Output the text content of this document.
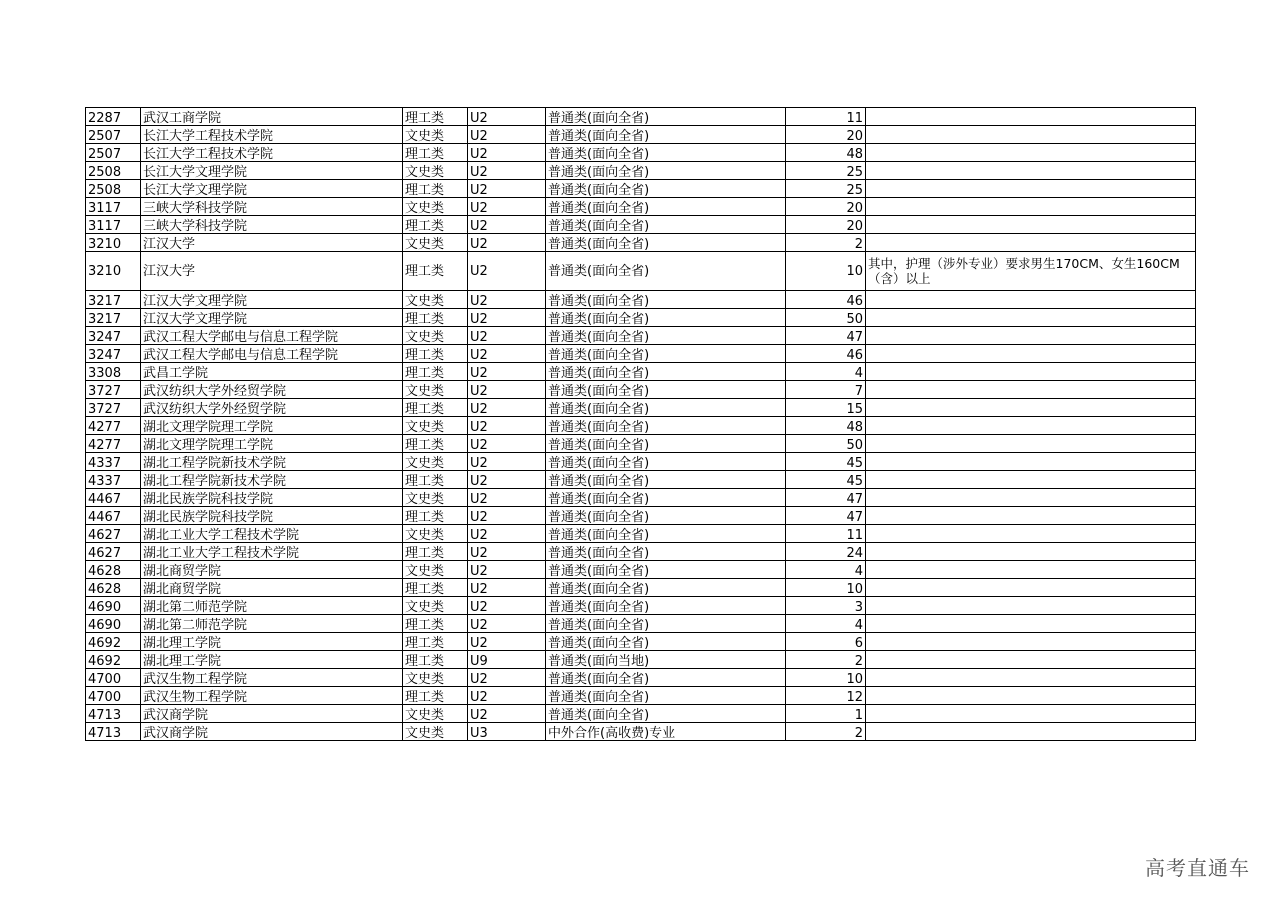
2287	武汉工商学院	理工类	U2	普通类(面向全省)	11	
2507	长江大学工程技术学院	文史类	U2	普通类(面向全省)	20	
2507	长江大学工程技术学院	理工类	U2	普通类(面向全省)	48	
2508	长江大学文理学院	文史类	U2	普通类(面向全省)	25	
2508	长江大学文理学院	理工类	U2	普通类(面向全省)	25	
3117	三峡大学科技学院	文史类	U2	普通类(面向全省)	20	
3117	三峡大学科技学院	理工类	U2	普通类(面向全省)	20	
3210	江汉大学	文史类	U2	普通类(面向全省)	2	
3210	江汉大学	理工类	U2	普通类(面向全省)	10	其中，护理（涉外专业）要求男生170CM、女生160CM（含）以上
3217	江汉大学文理学院	文史类	U2	普通类(面向全省)	46	
3217	江汉大学文理学院	理工类	U2	普通类(面向全省)	50	
3247	武汉工程大学邮电与信息工程学院	文史类	U2	普通类(面向全省)	47	
3247	武汉工程大学邮电与信息工程学院	理工类	U2	普通类(面向全省)	46	
3308	武昌工学院	理工类	U2	普通类(面向全省)	4	
3727	武汉纺织大学外经贸学院	文史类	U2	普通类(面向全省)	7	
3727	武汉纺织大学外经贸学院	理工类	U2	普通类(面向全省)	15	
4277	湖北文理学院理工学院	文史类	U2	普通类(面向全省)	48	
4277	湖北文理学院理工学院	理工类	U2	普通类(面向全省)	50	
4337	湖北工程学院新技术学院	文史类	U2	普通类(面向全省)	45	
4337	湖北工程学院新技术学院	理工类	U2	普通类(面向全省)	45	
4467	湖北民族学院科技学院	文史类	U2	普通类(面向全省)	47	
4467	湖北民族学院科技学院	理工类	U2	普通类(面向全省)	47	
4627	湖北工业大学工程技术学院	文史类	U2	普通类(面向全省)	11	
4627	湖北工业大学工程技术学院	理工类	U2	普通类(面向全省)	24	
4628	湖北商贸学院	文史类	U2	普通类(面向全省)	4	
4628	湖北商贸学院	理工类	U2	普通类(面向全省)	10	
4690	湖北第二师范学院	文史类	U2	普通类(面向全省)	3	
4690	湖北第二师范学院	理工类	U2	普通类(面向全省)	4	
4692	湖北理工学院	理工类	U2	普通类(面向全省)	6	
4692	湖北理工学院	理工类	U9	普通类(面向当地)	2	
4700	武汉生物工程学院	文史类	U2	普通类(面向全省)	10	
4700	武汉生物工程学院	理工类	U2	普通类(面向全省)	12	
4713	武汉商学院	文史类	U2	普通类(面向全省)	1	
4713	武汉商学院	文史类	U3	中外合作(高收费)专业	2	
高考直通车
